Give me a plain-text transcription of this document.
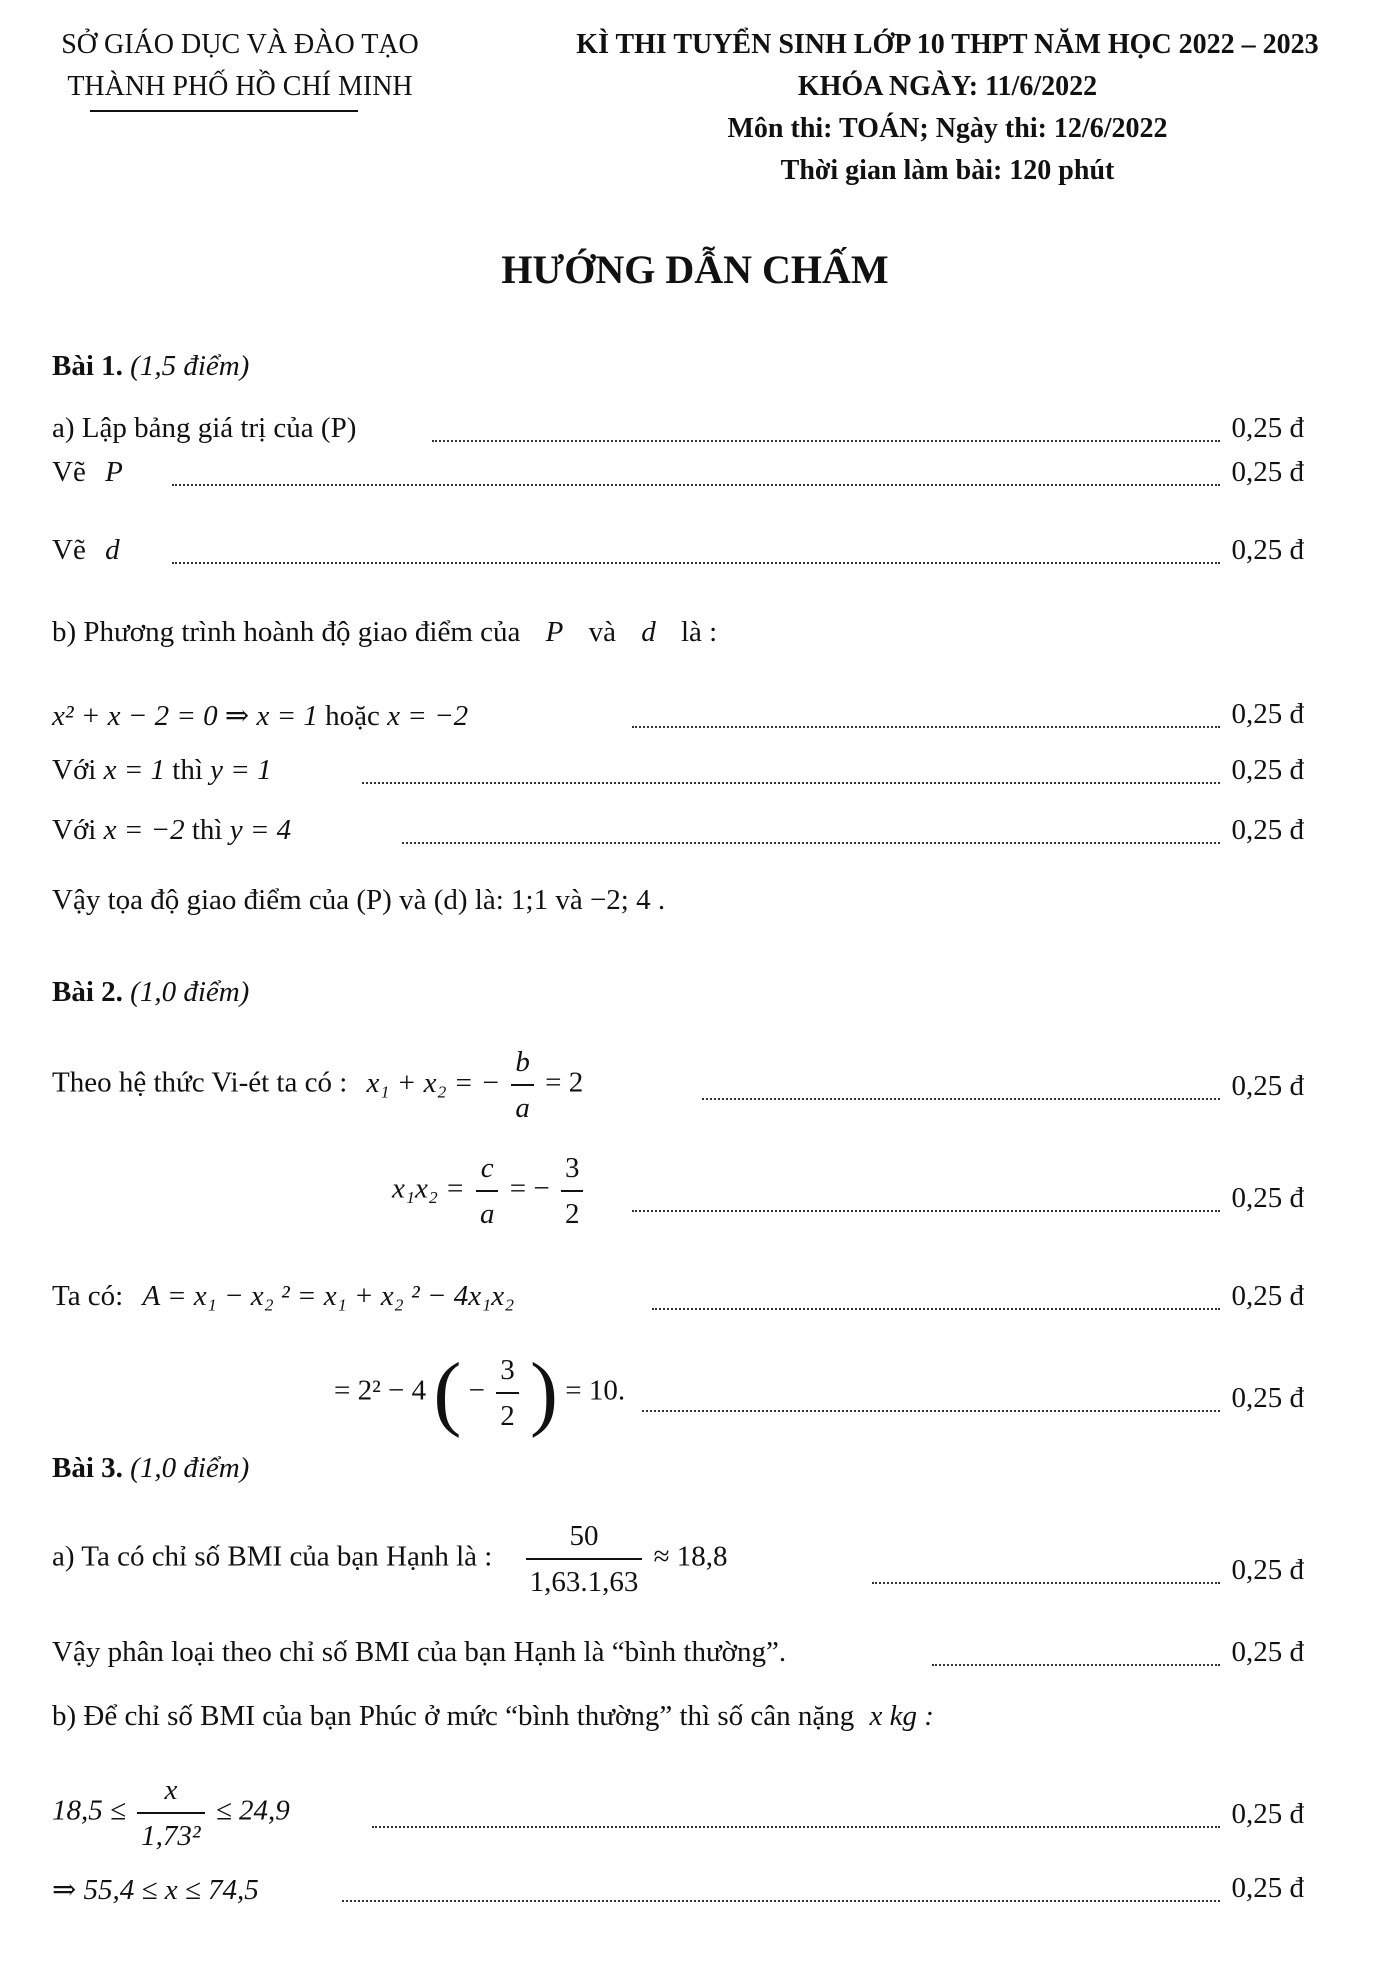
SỞ GIÁO DỤC VÀ ĐÀO TẠO
THÀNH PHỐ HỒ CHÍ MINH
KÌ THI TUYỂN SINH LỚP 10 THPT NĂM HỌC 2022 – 2023
KHÓA NGÀY: 11/6/2022
Môn thi: TOÁN; Ngày thi: 12/6/2022
Thời gian làm bài: 120 phút
HƯỚNG DẪN CHẤM
Bài 1. (1,5 điểm)
a) Lập bảng giá trị của (P)	0,25 đ
Vẽ P	0,25 đ
Vẽ d	0,25 đ
b) Phương trình hoành độ giao điểm của P và d là :
x² + x − 2 = 0 ⇒ x = 1 hoặc x = −2	0,25 đ
Với x = 1 thì y = 1	0,25 đ
Với x = −2 thì y = 4	0,25 đ
Vậy tọa độ giao điểm của (P) và (d) là: 1;1 và −2; 4 .
Bài 2. (1,0 điểm)
Theo hệ thức Vi-ét ta có : x₁ + x₂ = − $\frac{b}{a} = 2$	0,25 đ
$x_1x_2 = \frac{c}{a}$ = − $\frac{3}{2}$	0,25 đ
Ta có: A = x₁ − x₂ ² = x₁ + x₂ ² − 4x₁x₂	0,25 đ
= 2² − 4 ( − $\frac{3}{2}$ ) = 10.	0,25 đ
Bài 3. (1,0 điểm)
a) Ta có chỉ số BMI của bạn Hạnh là : $\frac{50}{1,63.1,63} \approx 18,8$	0,25 đ
Vậy phân loại theo chỉ số BMI của bạn Hạnh là “bình thường”.	0,25 đ
b) Để chỉ số BMI của bạn Phúc ở mức “bình thường” thì số cân nặng x kg :
$18,5 \le \frac{x}{\text{1,73²}} \le 24,9$	0,25 đ
⇒ 55,4 ≤ x ≤ 74,5	0,25 đ
